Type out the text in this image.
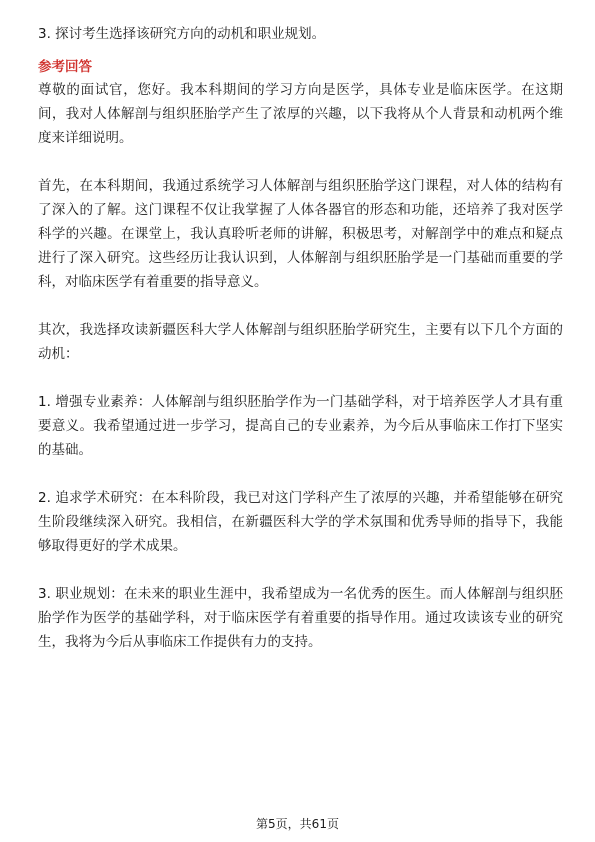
3. 探讨考生选择该研究方向的动机和职业规划。

参考回答

尊敬的面试官，您好。我本科期间的学习方向是医学，具体专业是临床医学。在这期间，我对人体解剖与组织胚胎学产生了浓厚的兴趣，以下我将从个人背景和动机两个维度来详细说明。

首先，在本科期间，我通过系统学习人体解剖与组织胚胎学这门课程，对人体的结构有了深入的了解。这门课程不仅让我掌握了人体各器官的形态和功能，还培养了我对医学科学的兴趣。在课堂上，我认真聆听老师的讲解，积极思考，对解剖学中的难点和疑点进行了深入研究。这些经历让我认识到，人体解剖与组织胚胎学是一门基础而重要的学科，对临床医学有着重要的指导意义。

其次，我选择攻读新疆医科大学人体解剖与组织胚胎学研究生，主要有以下几个方面的动机：

1. 增强专业素养：人体解剖与组织胚胎学作为一门基础学科，对于培养医学人才具有重要意义。我希望通过进一步学习，提高自己的专业素养，为今后从事临床工作打下坚实的基础。

2. 追求学术研究：在本科阶段，我已对这门学科产生了浓厚的兴趣，并希望能够在研究生阶段继续深入研究。我相信，在新疆医科大学的学术氛围和优秀导师的指导下，我能够取得更好的学术成果。

3. 职业规划：在未来的职业生涯中，我希望成为一名优秀的医生。而人体解剖与组织胚胎学作为医学的基础学科，对于临床医学有着重要的指导作用。通过攻读该专业的研究生，我将为今后从事临床工作提供有力的支持。

第5页，共61页
